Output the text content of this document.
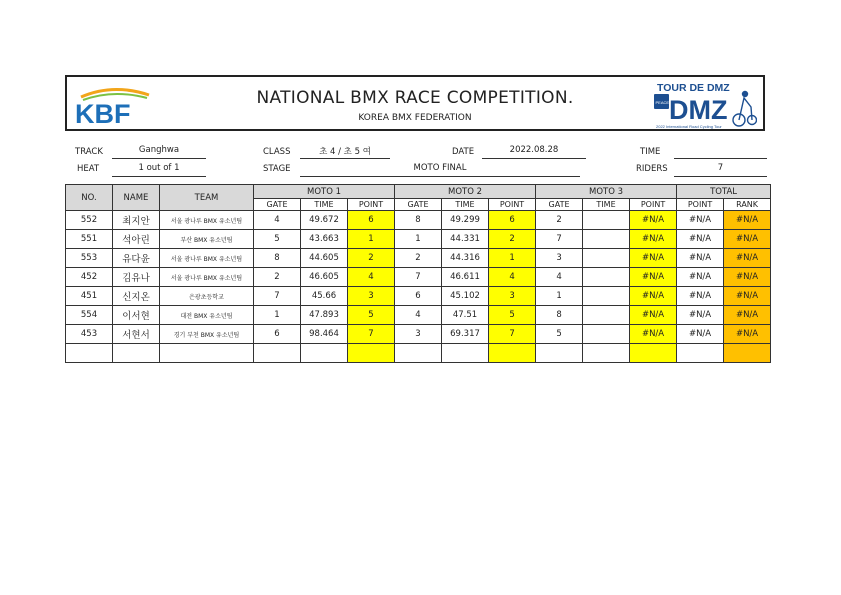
KBF
NATIONAL BMX RACE COMPETITION.
KOREA BMX FEDERATION
TOUR DE DMZ
PEACE DMZ
2022 International Road Cycling Tour
TRACK	Ganghwa	CLASS	초 4 / 초 5 여	DATE	2022.08.28	TIME
HEAT	1 out of 1	STAGE	MOTO FINAL	RIDERS	7
NO.	NAME	TEAM	MOTO 1			MOTO 2			MOTO 3			TOTAL	
			GATE	TIME	POINT	GATE	TIME	POINT	GATE	TIME	POINT	POINT	RANK
552	최지안	서울 광나루 BMX 유소년팀	4	49.672	6	8	49.299	6	2		#N/A	#N/A	#N/A
551	석아린	부산 BMX 유소년팀	5	43.663	1	1	44.331	2	7		#N/A	#N/A	#N/A
553	유다윤	서울 광나루 BMX 유소년팀	8	44.605	2	2	44.316	1	3		#N/A	#N/A	#N/A
452	김유나	서울 광나루 BMX 유소년팀	2	46.605	4	7	46.611	4	4		#N/A	#N/A	#N/A
451	신지온	은광초등학교	7	45.66	3	6	45.102	3	1		#N/A	#N/A	#N/A
554	이서현	대전 BMX 유소년팀	1	47.893	5	4	47.51	5	8		#N/A	#N/A	#N/A
453	서현서	경기 부천 BMX 유소년팀	6	98.464	7	3	69.317	7	5		#N/A	#N/A	#N/A
